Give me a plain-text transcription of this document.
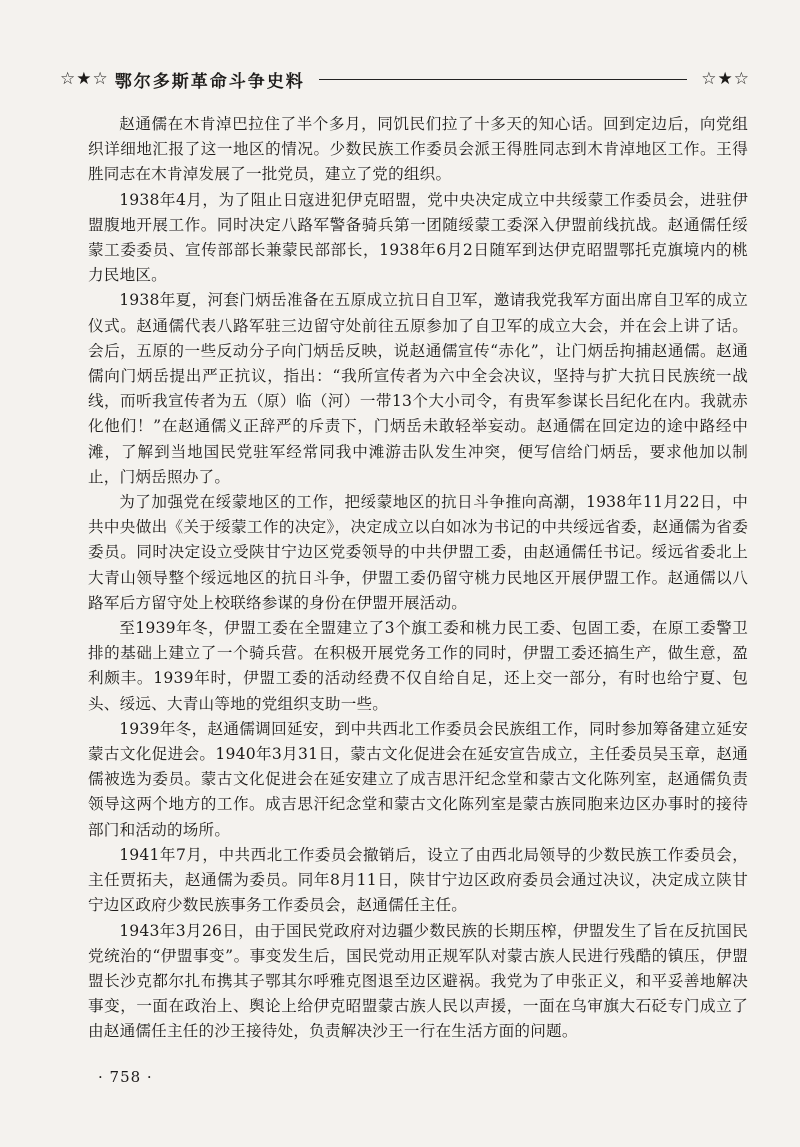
☆★☆ 鄂尔多斯革命斗争史料	☆★☆

赵通儒在木肯淖巴拉住了半个多月，同饥民们拉了十多天的知心话。回到定边后，向党组织详细地汇报了这一地区的情况。少数民族工作委员会派王得胜同志到木肯淖地区工作。王得胜同志在木肯淖发展了一批党员，建立了党的组织。

1938年4月，为了阻止日寇进犯伊克昭盟，党中央决定成立中共绥蒙工作委员会，进驻伊盟腹地开展工作。同时决定八路军警备骑兵第一团随绥蒙工委深入伊盟前线抗战。赵通儒任绥蒙工委委员、宣传部部长兼蒙民部部长，1938年6月2日随军到达伊克昭盟鄂托克旗境内的桃力民地区。

1938年夏，河套门炳岳准备在五原成立抗日自卫军，邀请我党我军方面出席自卫军的成立仪式。赵通儒代表八路军驻三边留守处前往五原参加了自卫军的成立大会，并在会上讲了话。会后，五原的一些反动分子向门炳岳反映，说赵通儒宣传“赤化”，让门炳岳拘捕赵通儒。赵通儒向门炳岳提出严正抗议，指出：“我所宣传者为六中全会决议，坚持与扩大抗日民族统一战线，而听我宣传者为五（原）临（河）一带13个大小司令，有贵军参谋长吕纪化在内。我就赤化他们！”在赵通儒义正辞严的斥责下，门炳岳未敢轻举妄动。赵通儒在回定边的途中路经中滩，了解到当地国民党驻军经常同我中滩游击队发生冲突，便写信给门炳岳，要求他加以制止，门炳岳照办了。

为了加强党在绥蒙地区的工作，把绥蒙地区的抗日斗争推向高潮，1938年11月22日，中共中央做出《关于绥蒙工作的决定》，决定成立以白如冰为书记的中共绥远省委，赵通儒为省委委员。同时决定设立受陕甘宁边区党委领导的中共伊盟工委，由赵通儒任书记。绥远省委北上大青山领导整个绥远地区的抗日斗争，伊盟工委仍留守桃力民地区开展伊盟工作。赵通儒以八路军后方留守处上校联络参谋的身份在伊盟开展活动。

至1939年冬，伊盟工委在全盟建立了3个旗工委和桃力民工委、包固工委，在原工委警卫排的基础上建立了一个骑兵营。在积极开展党务工作的同时，伊盟工委还搞生产，做生意，盈利颇丰。1939年时，伊盟工委的活动经费不仅自给自足，还上交一部分，有时也给宁夏、包头、绥远、大青山等地的党组织支助一些。

1939年冬，赵通儒调回延安，到中共西北工作委员会民族组工作，同时参加筹备建立延安蒙古文化促进会。1940年3月31日，蒙古文化促进会在延安宣告成立，主任委员吴玉章，赵通儒被选为委员。蒙古文化促进会在延安建立了成吉思汗纪念堂和蒙古文化陈列室，赵通儒负责领导这两个地方的工作。成吉思汗纪念堂和蒙古文化陈列室是蒙古族同胞来边区办事时的接待部门和活动的场所。

1941年7月，中共西北工作委员会撤销后，设立了由西北局领导的少数民族工作委员会，主任贾拓夫，赵通儒为委员。同年8月11日，陕甘宁边区政府委员会通过决议，决定成立陕甘宁边区政府少数民族事务工作委员会，赵通儒任主任。

1943年3月26日，由于国民党政府对边疆少数民族的长期压榨，伊盟发生了旨在反抗国民党统治的“伊盟事变”。事变发生后，国民党动用正规军队对蒙古族人民进行残酷的镇压，伊盟盟长沙克都尔扎布携其子鄂其尔呼雅克图退至边区避祸。我党为了申张正义，和平妥善地解决事变，一面在政治上、舆论上给伊克昭盟蒙古族人民以声援，一面在乌审旗大石砭专门成立了由赵通儒任主任的沙王接待处，负责解决沙王一行在生活方面的问题。

· 758 ·
